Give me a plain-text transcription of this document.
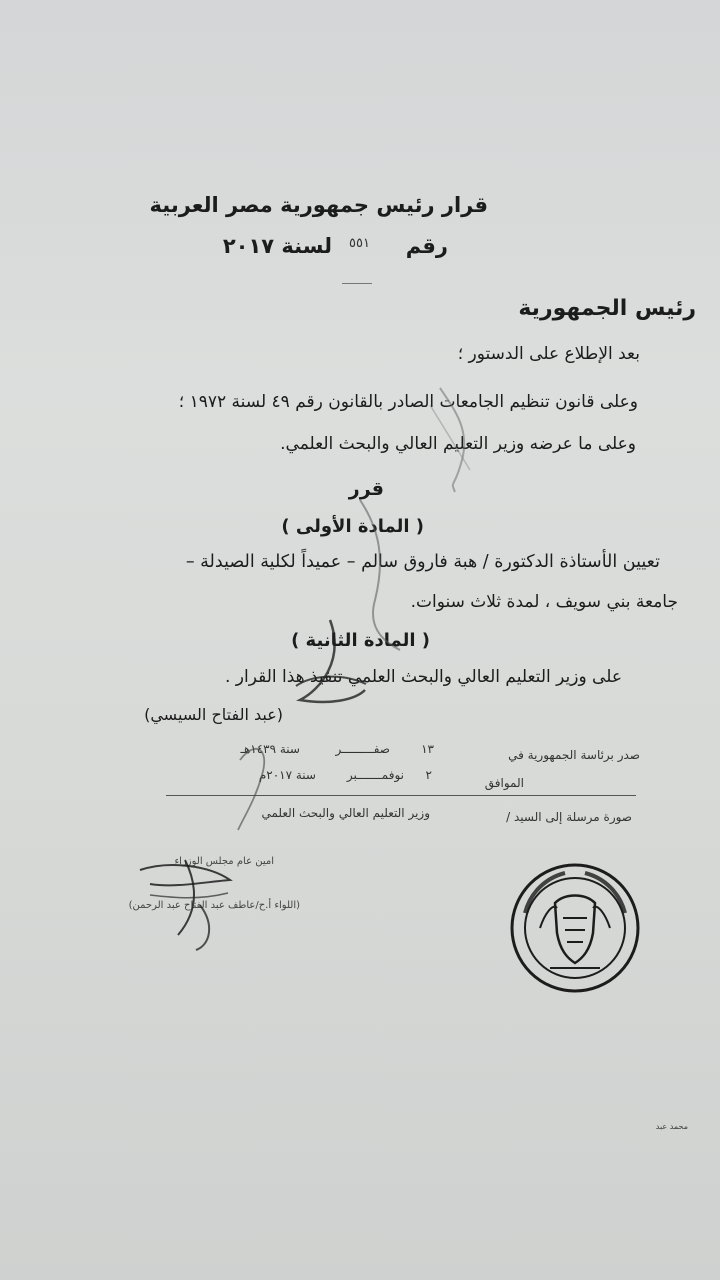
قرار رئيس جمهورية مصر العربية
رقم
٥٥١
لسنة ٢٠١٧
رئيس الجمهورية
بعد الإطلاع على الدستور ؛
وعلى قانون تنظيم الجامعات الصادر بالقانون رقم ٤٩ لسنة ١٩٧٢ ؛
وعلى ما عرضه وزير التعليم العالي والبحث العلمي.
قرر
( المادة الأولى )
تعيين الأستاذة الدكتورة / هبة فاروق سالم – عميداً لكلية الصيدلة –
جامعة بني سويف ، لمدة ثلاث سنوات.
( المادة الثانية )
على وزير التعليم العالي والبحث العلمي تنفيذ هذا القرار .
(عبد الفتاح السيسي)
صدر برئاسة الجمهورية في
١٣
صفـــــــــر
سنة ١٤٣٩هـ
الموافق
٢
نوفمـــــــبر
سنة ٢٠١٧م
صورة مرسلة إلى السيد /
وزير التعليم العالي والبحث العلمي
امين عام مجلس الوزراء
(اللواء أ.ح/عاطف عبد الفتاح عبد الرحمن)
محمد عبد
